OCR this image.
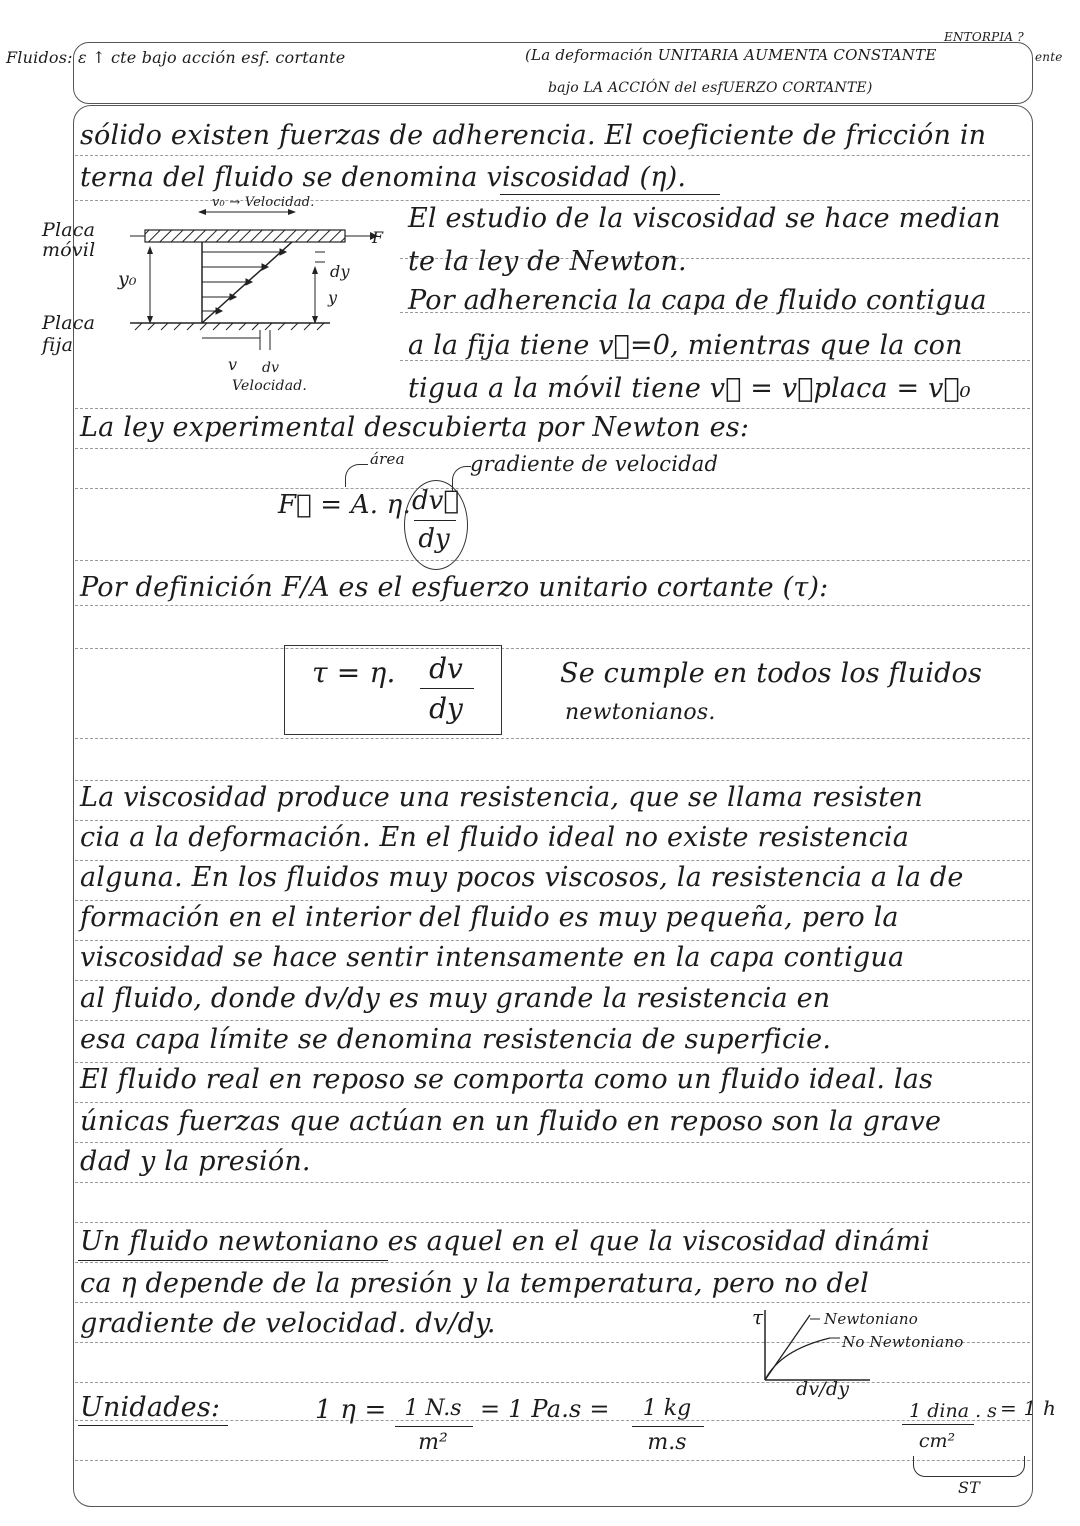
Fluidos: ε ↑ cte bajo acción esf. cortante	(La deformación UNITARIA AUMENTA CONSTANTE
bajo LA ACCIÓN del esfUERZO CORTANTE)
ENTORPIA ?
ente
sólido existen fuerzas de adherencia. El coeficiente de fricción in
terna del fluido se denomina viscosidad (η).
Placa móvil
Placa fija
v₀ → Velocidad.
F
y₀	dy
y
v dv
Velocidad.
El estudio de la viscosidad se hace median
te la ley de Newton.
Por adherencia la capa de fluido contigua
a la fija tiene v⃗=0, mientras que la con
tigua a la móvil tiene v⃗ = v⃗placa = v⃗₀
La ley experimental descubierta por Newton es:
área	gradiente de velocidad
F⃗ = A. η. dv⃗
dy
Por definición F/A es el esfuerzo unitario cortante (τ):
τ = η.	dv
dy
Se cumple en todos los fluidos
newtonianos.
La viscosidad produce una resistencia, que se llama resisten
cia a la deformación. En el fluido ideal no existe resistencia
alguna. En los fluidos muy pocos viscosos, la resistencia a la de
formación en el interior del fluido es muy pequeña, pero la
viscosidad se hace sentir intensamente en la capa contigua
al fluido, donde dv/dy es muy grande la resistencia en
esa capa límite se denomina resistencia de superficie.
El fluido real en reposo se comporta como un fluido ideal. las
únicas fuerzas que actúan en un fluido en reposo son la grave
dad y la presión.
Un fluido newtoniano es aquel en el que la viscosidad dinámi
ca η depende de la presión y la temperatura, pero no del
gradiente de velocidad. dv/dy.	τ	Newtoniano
No Newtoniano
dv/dy
Unidades:	1 η = 1 N.s
m²
= 1 Pa.s =	1 kg
m.s
1 dina . s
cm²
= 1 h
ST
